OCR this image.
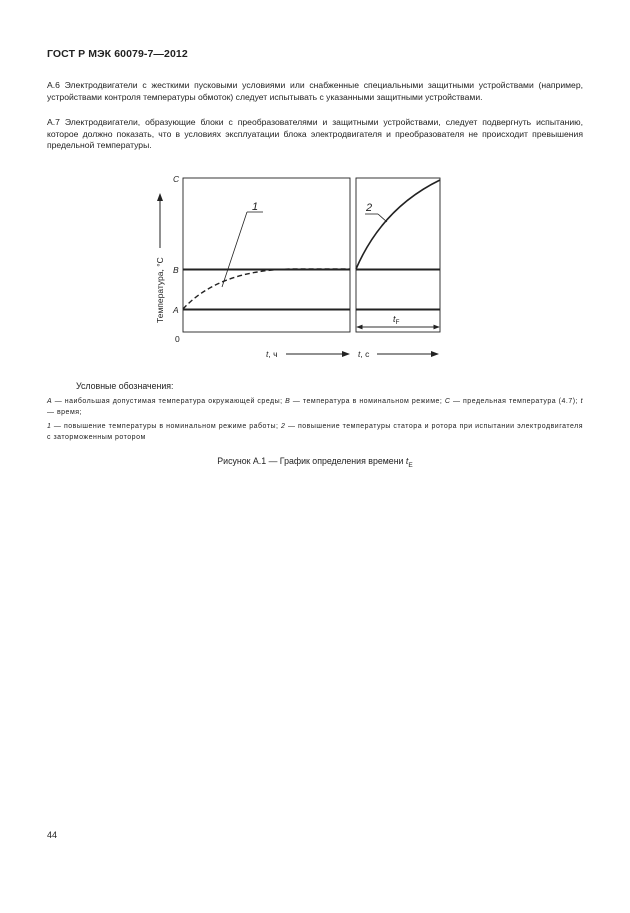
ГОСТ Р МЭК 60079-7—2012

А.6 Электродвигатели с жесткими пусковыми условиями или снабженные специальными защитными устройствами (например, устройствами контроля температуры обмоток) следует испытывать с указанными защитными устройствами.

А.7 Электродвигатели, образующие блоки с преобразователями и защитными устройствами, следует подвергнуть испытанию, которое должно показать, что в условиях эксплуатации блока электродвигателя и преобразователя не происходит превышения предельной температуры.

Температура, °С
C
B
A
0
1	2
$t_F$
t, ч	t, с
Условные обозначения:

A — наибольшая допустимая температура окружающей среды; B — температура в номинальном режиме; C — предельная температура (4.7); t — время;

1 — повышение температуры в номинальном режиме работы; 2 — повышение температуры статора и ротора при испытании электродвигателя с заторможенным ротором

Рисунок А.1 — График определения времени $t_E$
44
